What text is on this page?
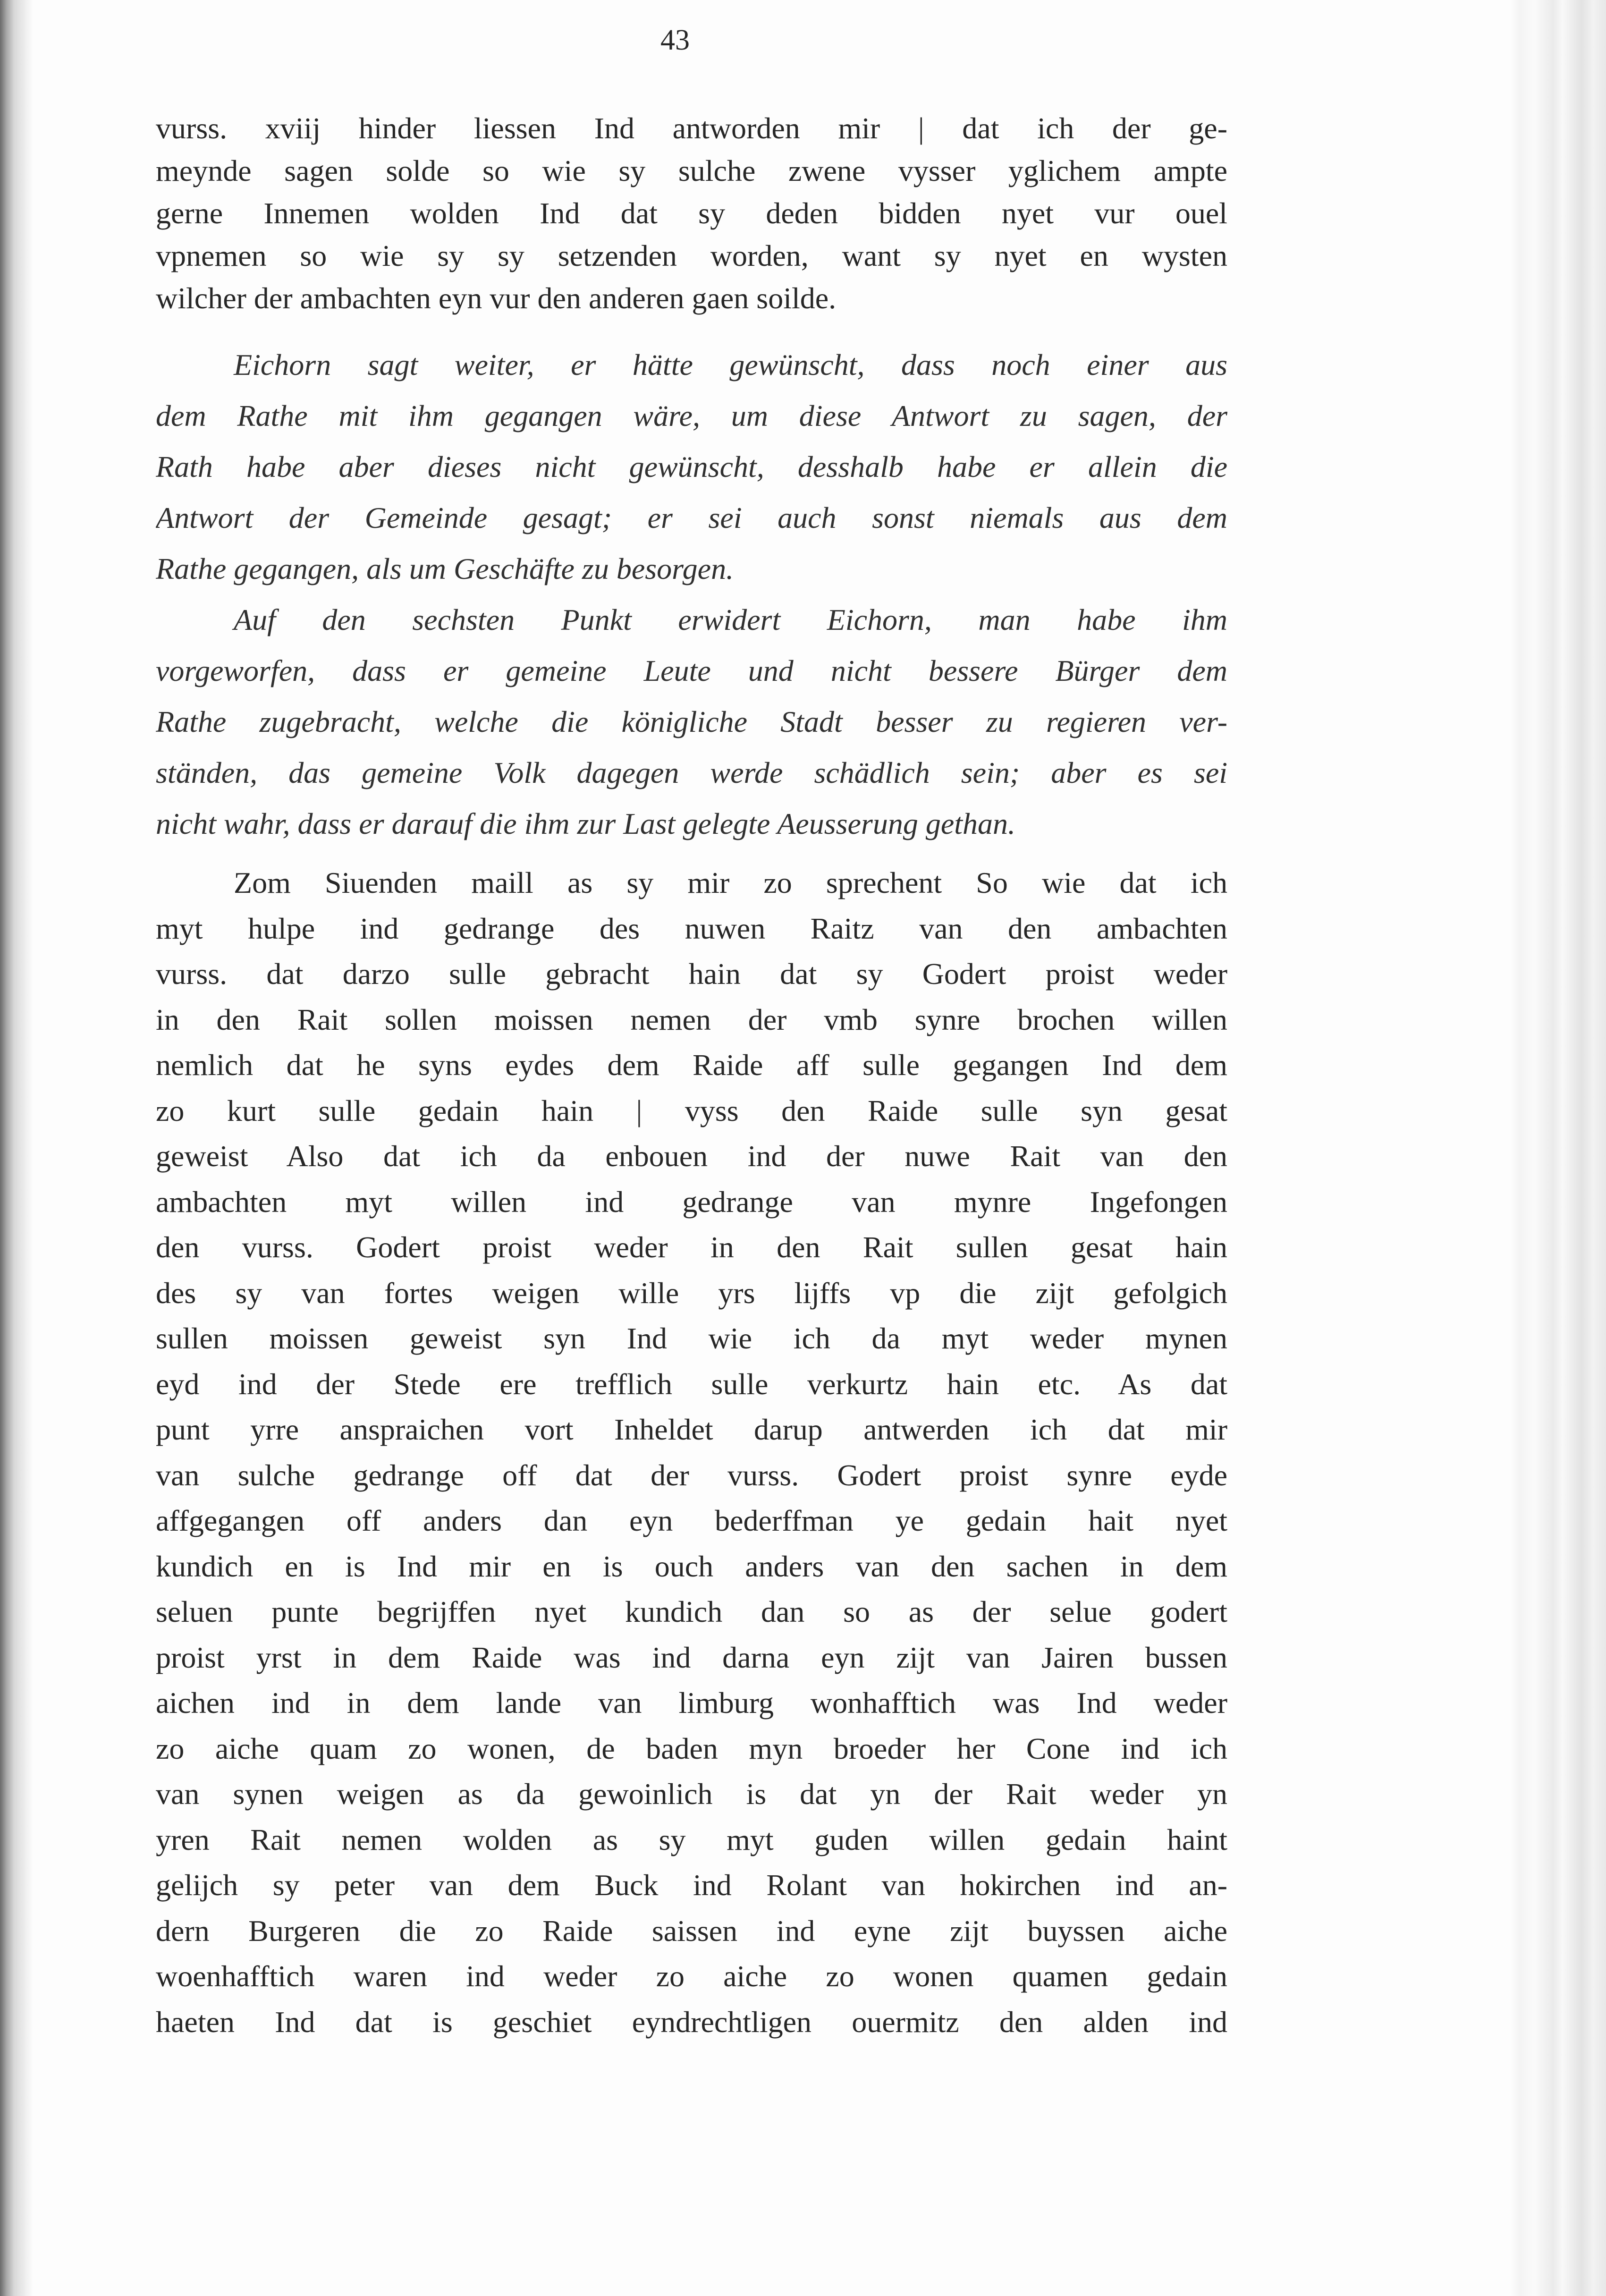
43
vurss. xviij hinder liessen Ind antworden mir | dat ich der ge-
meynde sagen solde so wie sy sulche zwene vysser yglichem ampte
gerne Innemen wolden Ind dat sy deden bidden nyet vur ouel
vpnemen so wie sy sy setzenden worden, want sy nyet en wysten
wilcher der ambachten eyn vur den anderen gaen soilde.
Eichorn sagt weiter, er hätte gewünscht, dass noch einer aus
dem Rathe mit ihm gegangen wäre, um diese Antwort zu sagen, der
Rath habe aber dieses nicht gewünscht, desshalb habe er allein die
Antwort der Gemeinde gesagt; er sei auch sonst niemals aus dem
Rathe gegangen, als um Geschäfte zu besorgen.
Auf den sechsten Punkt erwidert Eichorn, man habe ihm
vorgeworfen, dass er gemeine Leute und nicht bessere Bürger dem
Rathe zugebracht, welche die königliche Stadt besser zu regieren ver-
ständen, das gemeine Volk dagegen werde schädlich sein; aber es sei
nicht wahr, dass er darauf die ihm zur Last gelegte Aeusserung gethan.
Zom Siuenden maill as sy mir zo sprechent So wie dat ich
myt hulpe ind gedrange des nuwen Raitz van den ambachten
vurss. dat darzo sulle gebracht hain dat sy Godert proist weder
in den Rait sollen moissen nemen der vmb synre brochen willen
nemlich dat he syns eydes dem Raide aff sulle gegangen Ind dem
zo kurt sulle gedain hain | vyss den Raide sulle syn gesat
geweist Also dat ich da enbouen ind der nuwe Rait van den
ambachten myt willen ind gedrange van mynre Ingefongen
den vurss. Godert proist weder in den Rait sullen gesat hain
des sy van fortes weigen wille yrs lijffs vp die zijt gefolgich
sullen moissen geweist syn Ind wie ich da myt weder mynen
eyd ind der Stede ere trefflich sulle verkurtz hain etc. As dat
punt yrre anspraichen vort Inheldet darup antwerden ich dat mir
van sulche gedrange off dat der vurss. Godert proist synre eyde
affgegangen off anders dan eyn bederffman ye gedain hait nyet
kundich en is Ind mir en is ouch anders van den sachen in dem
seluen punte begrijffen nyet kundich dan so as der selue godert
proist yrst in dem Raide was ind darna eyn zijt van Jairen bussen
aichen ind in dem lande van limburg wonhafftich was Ind weder
zo aiche quam zo wonen, de baden myn broeder her Cone ind ich
van synen weigen as da gewoinlich is dat yn der Rait weder yn
yren Rait nemen wolden as sy myt guden willen gedain haint
gelijch sy peter van dem Buck ind Rolant van hokirchen ind an-
dern Burgeren die zo Raide saissen ind eyne zijt buyssen aiche
woenhafftich waren ind weder zo aiche zo wonen quamen gedain
haeten Ind dat is geschiet eyndrechtligen ouermitz den alden ind
